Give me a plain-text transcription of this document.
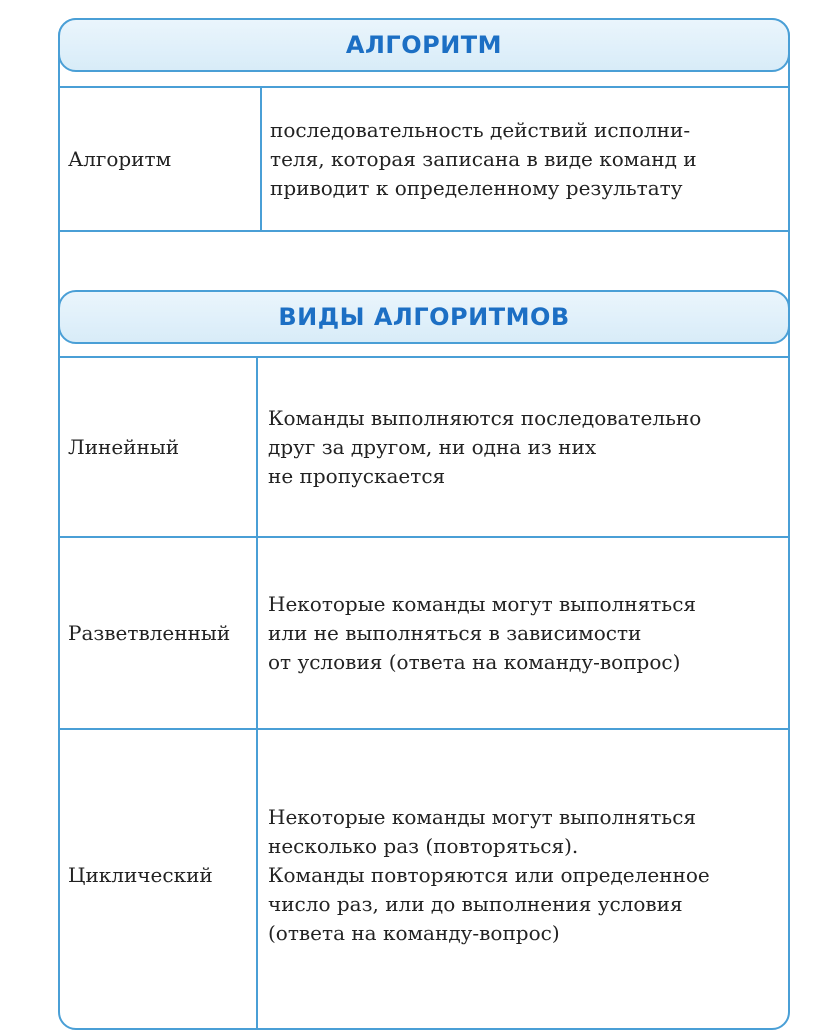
АЛГОРИТМ
Алгоритм
последовательность действий исполни-
теля, которая записана в виде команд и
приводит к определенному результату
ВИДЫ АЛГОРИТМОВ
Линейный
Команды выполняются последовательно
друг за другом, ни одна из них
не пропускается
Разветвленный
Некоторые команды могут выполняться
или не выполняться в зависимости
от условия (ответа на команду-вопрос)
Циклический
Некоторые команды могут выполняться
несколько раз (повторяться).
Команды повторяются или определенное
число раз, или до выполнения условия
(ответа на команду-вопрос)
